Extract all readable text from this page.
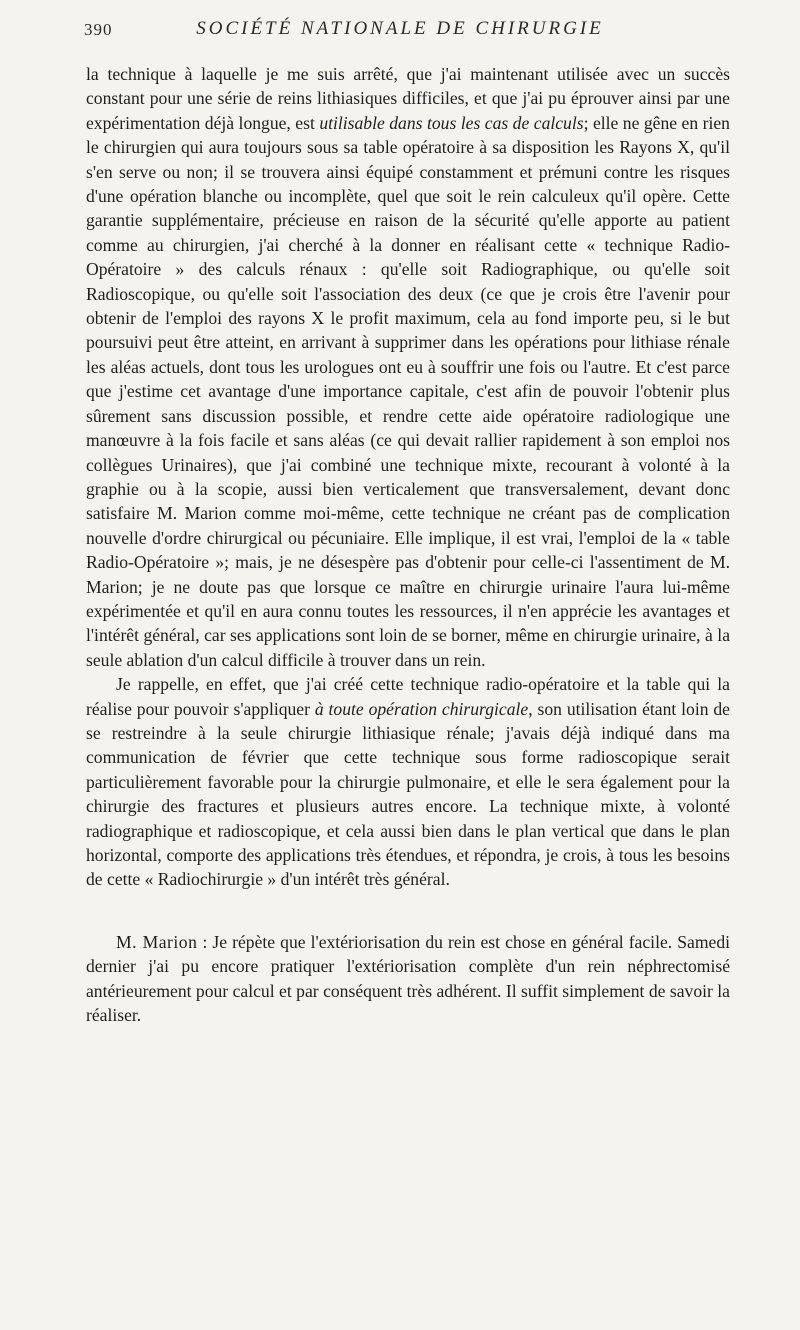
390	SOCIÉTÉ NATIONALE DE CHIRURGIE

la technique à laquelle je me suis arrêté, que j'ai maintenant utilisée avec un succès constant pour une série de reins lithiasiques difficiles, et que j'ai pu éprouver ainsi par une expérimentation déjà longue, est utilisable dans tous les cas de calculs; elle ne gêne en rien le chirurgien qui aura toujours sous sa table opératoire à sa disposition les Rayons X, qu'il s'en serve ou non; il se trouvera ainsi équipé constamment et prémuni contre les risques d'une opération blanche ou incomplète, quel que soit le rein calculeux qu'il opère. Cette garantie supplémentaire, précieuse en raison de la sécurité qu'elle apporte au patient comme au chirurgien, j'ai cherché à la donner en réalisant cette « technique Radio-Opératoire » des calculs rénaux : qu'elle soit Radiographique, ou qu'elle soit Radioscopique, ou qu'elle soit l'association des deux (ce que je crois être l'avenir pour obtenir de l'emploi des rayons X le profit maximum, cela au fond importe peu, si le but poursuivi peut être atteint, en arrivant à supprimer dans les opérations pour lithiase rénale les aléas actuels, dont tous les urologues ont eu à souffrir une fois ou l'autre. Et c'est parce que j'estime cet avantage d'une importance capitale, c'est afin de pouvoir l'obtenir plus sûrement sans discussion possible, et rendre cette aide opératoire radiologique une manœuvre à la fois facile et sans aléas (ce qui devait rallier rapidement à son emploi nos collègues Urinaires), que j'ai combiné une technique mixte, recourant à volonté à la graphie ou à la scopie, aussi bien verticalement que transversalement, devant donc satisfaire M. Marion comme moi-même, cette technique ne créant pas de complication nouvelle d'ordre chirurgical ou pécuniaire. Elle implique, il est vrai, l'emploi de la « table Radio-Opératoire »; mais, je ne désespère pas d'obtenir pour celle-ci l'assentiment de M. Marion; je ne doute pas que lorsque ce maître en chirurgie urinaire l'aura lui-même expérimentée et qu'il en aura connu toutes les ressources, il n'en apprécie les avantages et l'intérêt général, car ses applications sont loin de se borner, même en chirurgie urinaire, à la seule ablation d'un calcul difficile à trouver dans un rein.

Je rappelle, en effet, que j'ai créé cette technique radio-opératoire et la table qui la réalise pour pouvoir s'appliquer à toute opération chirurgicale, son utilisation étant loin de se restreindre à la seule chirurgie lithiasique rénale; j'avais déjà indiqué dans ma communication de février que cette technique sous forme radioscopique serait particulièrement favorable pour la chirurgie pulmonaire, et elle le sera également pour la chirurgie des fractures et plusieurs autres encore. La technique mixte, à volonté radiographique et radioscopique, et cela aussi bien dans le plan vertical que dans le plan horizontal, comporte des applications très étendues, et répondra, je crois, à tous les besoins de cette « Radiochirurgie » d'un intérêt très général.

M. Marion : Je répète que l'extériorisation du rein est chose en général facile. Samedi dernier j'ai pu encore pratiquer l'extériorisation complète d'un rein néphrectomisé antérieurement pour calcul et par conséquent très adhérent. Il suffit simplement de savoir la réaliser.
